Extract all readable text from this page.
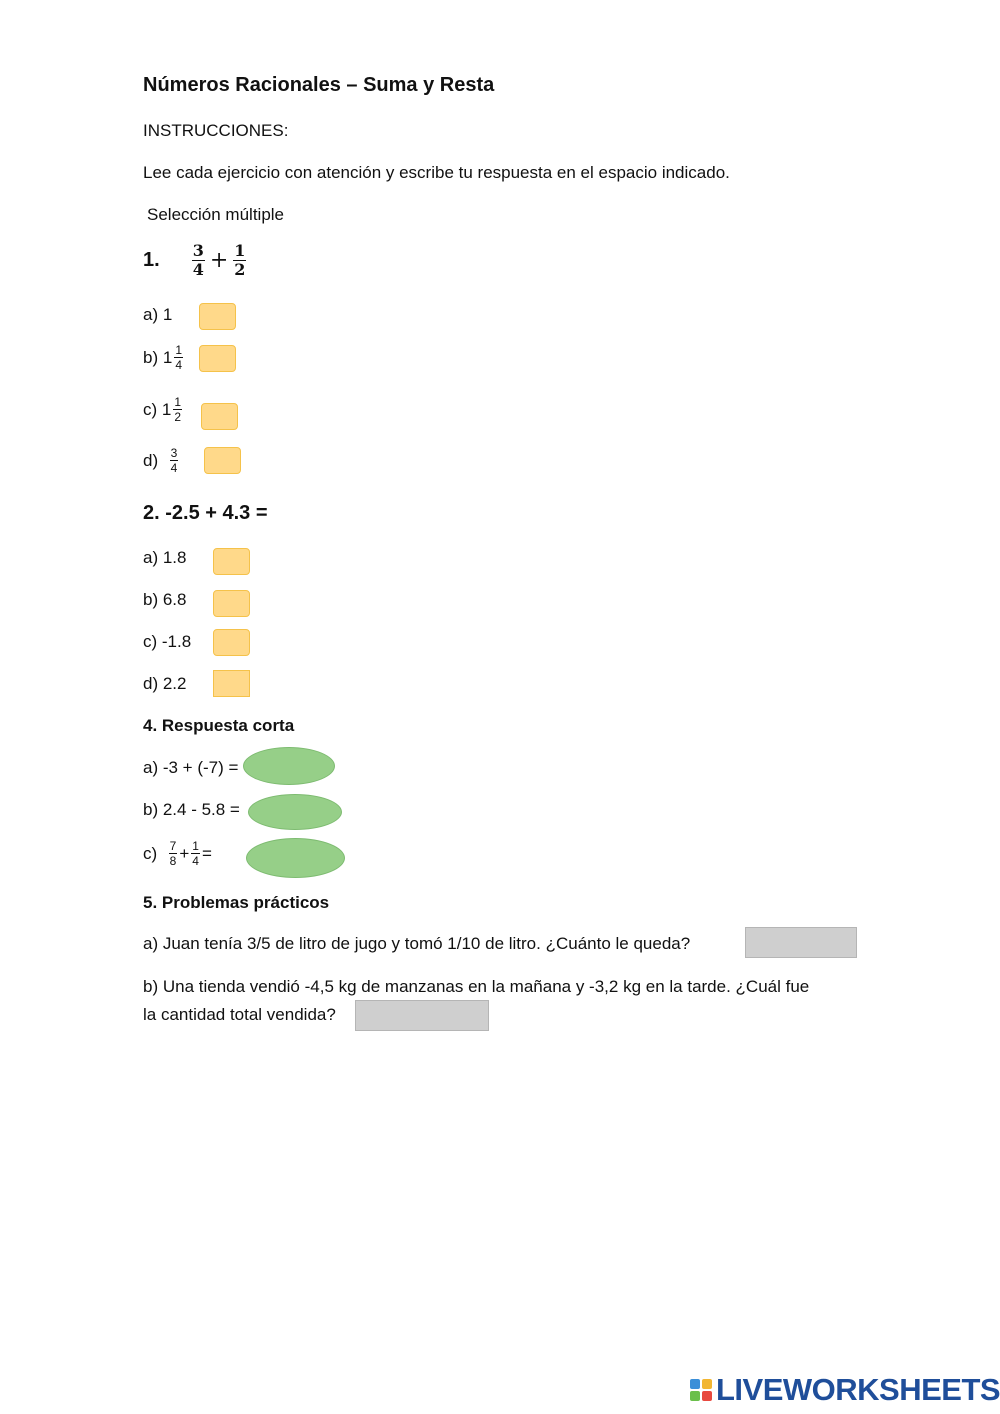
Números Racionales – Suma y Resta
INSTRUCCIONES:
Lee cada ejercicio con atención y escribe tu respuesta en el espacio indicado.
Selección múltiple
1. $\frac{3}{4} + \frac{1}{2}$
a) 1
b)
$1 \frac{1}{4}$
c)
$1 \frac{1}{2}$
d)
$\frac{3}{4}$
2. -2.5 + 4.3 =
a) 1.8
b) 6.8
c) -1.8
d) 2.2
4. Respuesta corta
a) -3 + (-7) =
b) 2.4 - 5.8 =
c)
$\frac{7}{8} + \frac{1}{4}$ =
5. Problemas prácticos
a) Juan tenía 3/5 de litro de jugo y tomó 1/10 de litro. ¿Cuánto le queda?
b) Una tienda vendió -4,5 kg de manzanas en la mañana y -3,2 kg en la tarde. ¿Cuál fue
la cantidad total vendida?
LIVEWORKSHEETS
